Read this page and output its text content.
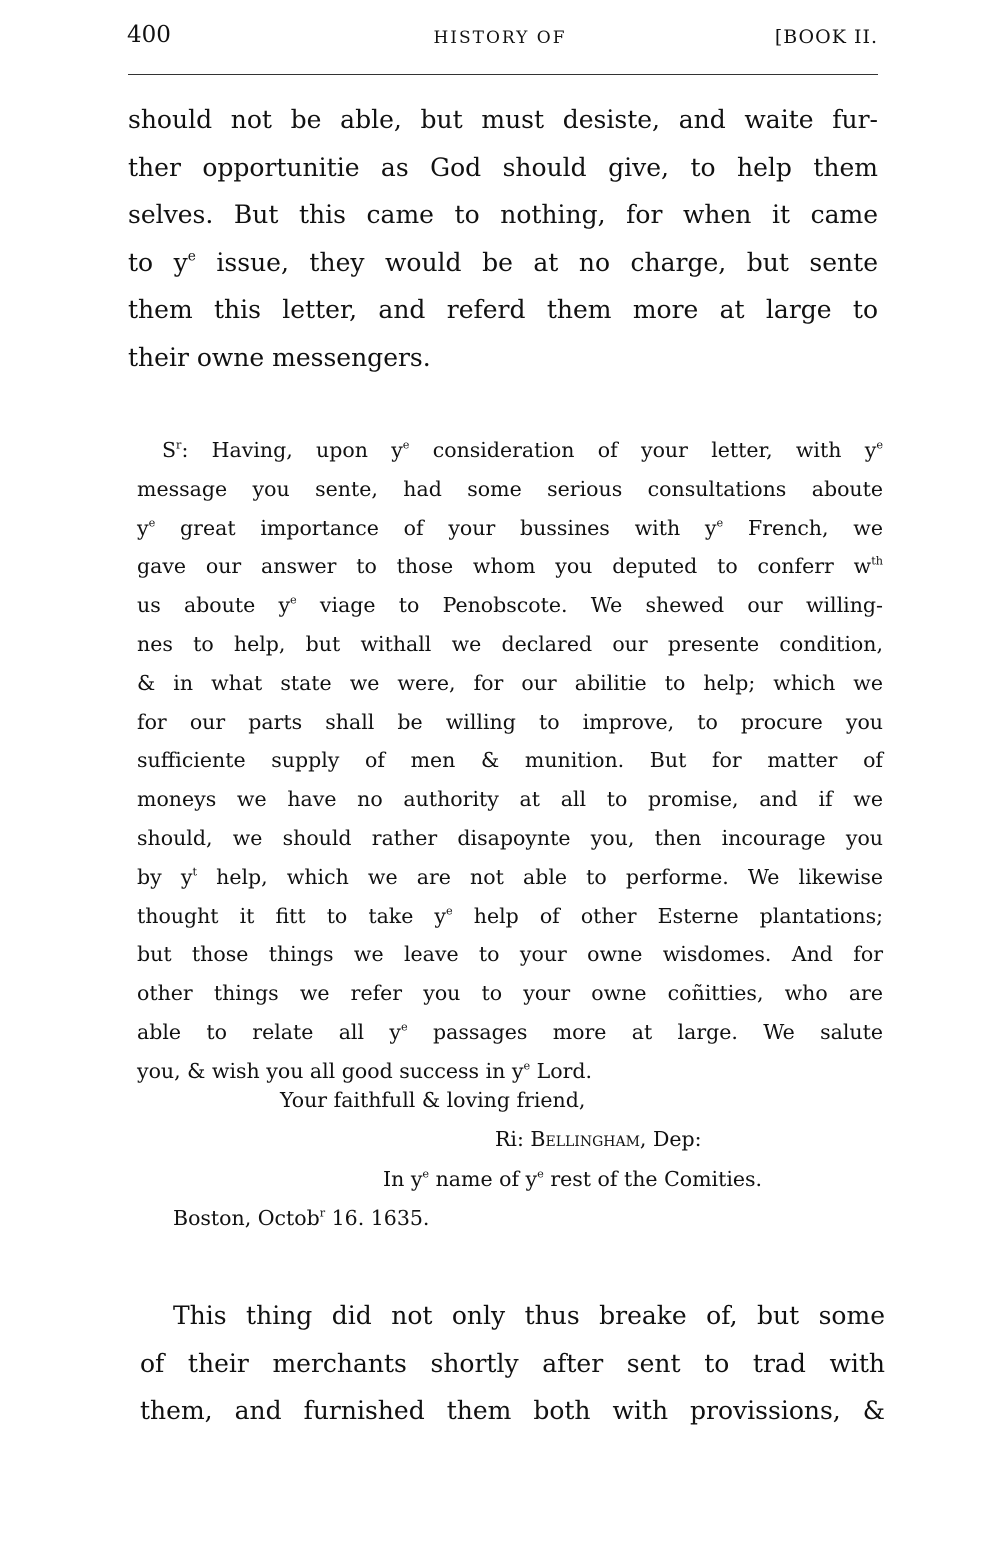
400	HISTORY OF	[BOOK II.
should not be able, but must desiste, and waite fur-
ther opportunitie as God should give, to help them
selves. But this came to nothing, for when it came
to $y^e$ issue, they would be at no charge, but sente
them this letter, and referd them more at large to
their owne messengers.
$S^r$: Having, upon $y^e$ consideration of your letter, with $y^e$
message you sente, had some serious consultations aboute
$y^e$ great importance of your bussines with $y^e$ French, we
gave our answer to those whom you deputed to conferr $w^{th}$
us aboute $y^e$ viage to Penobscote. We shewed our willing-
nes to help, but withall we declared our presente condition,
& in what state we were, for our abilitie to help; which we
for our parts shall be willing to improve, to procure you
sufficiente supply of men & munition. But for matter of
moneys we have no authority at all to promise, and if we
should, we should rather disapoynte you, then incourage you
by $y^t$ help, which we are not able to performe. We likewise
thought it fitt to take $y^e$ help of other Esterne plantations;
but those things we leave to your owne wisdomes. And for
other things we refer you to your owne coñitties, who are
able to relate all $y^e$ passages more at large. We salute
you, & wish you all good success in $y^e$ Lord.
Your faithfull & loving friend,
Ri: Bellingham, Dep:
In $y^e$ name of $y^e$ rest of the Comities.
Boston, Octob$^r$ 16. 1635.
This thing did not only thus breake of, but some
of their merchants shortly after sent to trad with
them, and furnished them both with provissions, &
